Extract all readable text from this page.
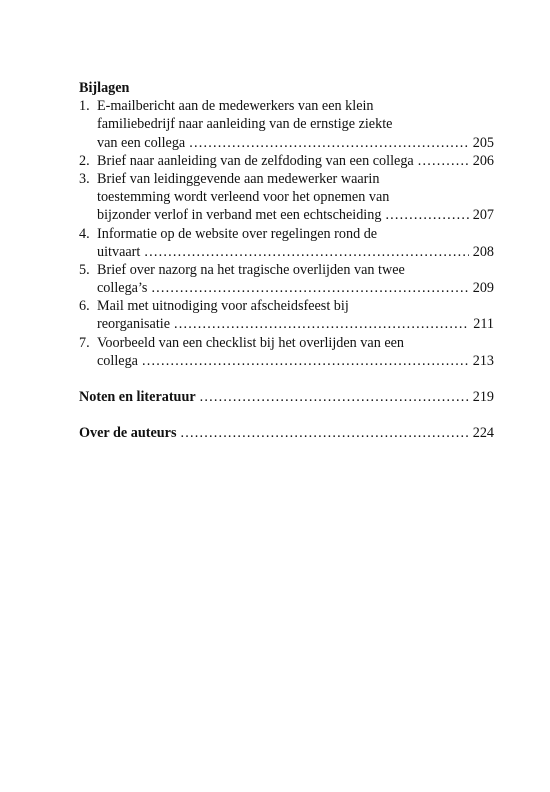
Bijlagen
1. E-mailbericht aan de medewerkers van een klein
familiebedrijf naar aanleiding van de ernstige ziekte
van een collega .....	205
2. Brief naar aanleiding van de zelfdoding van een collega .....	206
3. Brief van leidinggevende aan medewerker waarin
toestemming wordt verleend voor het opnemen van
bijzonder verlof in verband met een echtscheiding .....	207
4. Informatie op de website over regelingen rond de
uitvaart .....	208
5. Brief over nazorg na het tragische overlijden van twee
collega’s .....	209
6. Mail met uitnodiging voor afscheidsfeest bij
reorganisatie .....	211
7. Voorbeeld van een checklist bij het overlijden van een
collega .....	213
Noten en literatuur .....	219
Over de auteurs .....	224
